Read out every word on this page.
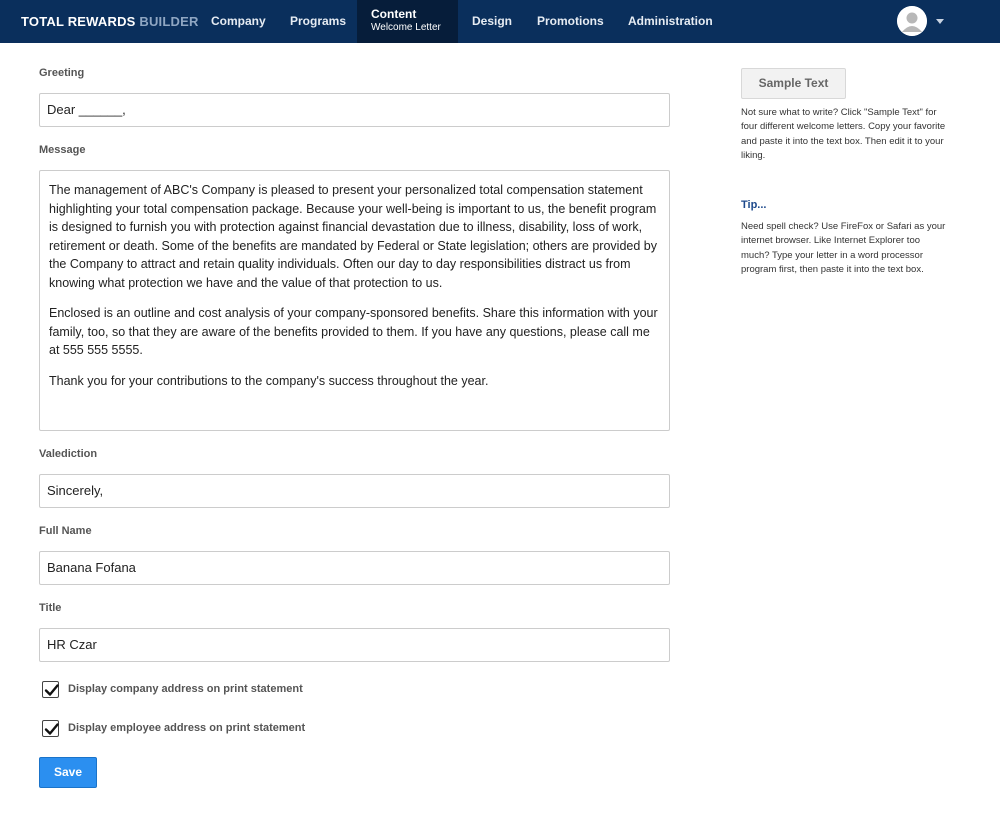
TOTAL REWARDS BUILDER Company Programs Content
Welcome Letter	Design Promotions Administration
Greeting
Dear ______,
Message

The management of ABC's Company is pleased to present your personalized total compensation statement highlighting your total compensation package. Because your well-being is important to us, the benefit program is designed to furnish you with protection against financial devastation due to illness, disability, loss of work, retirement or death. Some of the benefits are mandated by Federal or State legislation; others are provided by the Company to attract and retain quality individuals. Often our day to day responsibilities distract us from knowing what protection we have and the value of that protection to us.

Enclosed is an outline and cost analysis of your company-sponsored benefits. Share this information with your family, too, so that they are aware of the benefits provided to them. If you have any questions, please call me at 555 555 5555.

Thank you for your contributions to the company's success throughout the year.

Valediction
Sincerely,
Full Name
Banana Fofana
Title
HR Czar
Display company address on print statement
Display employee address on print statement
Save
Sample Text
Not sure what to write? Click "Sample Text" for four different welcome letters. Copy your favorite and paste it into the text box. Then edit it to your liking.
Tip...
Need spell check? Use FireFox or Safari as your internet browser. Like Internet Explorer too much? Type your letter in a word processor program first, then paste it into the text box.
